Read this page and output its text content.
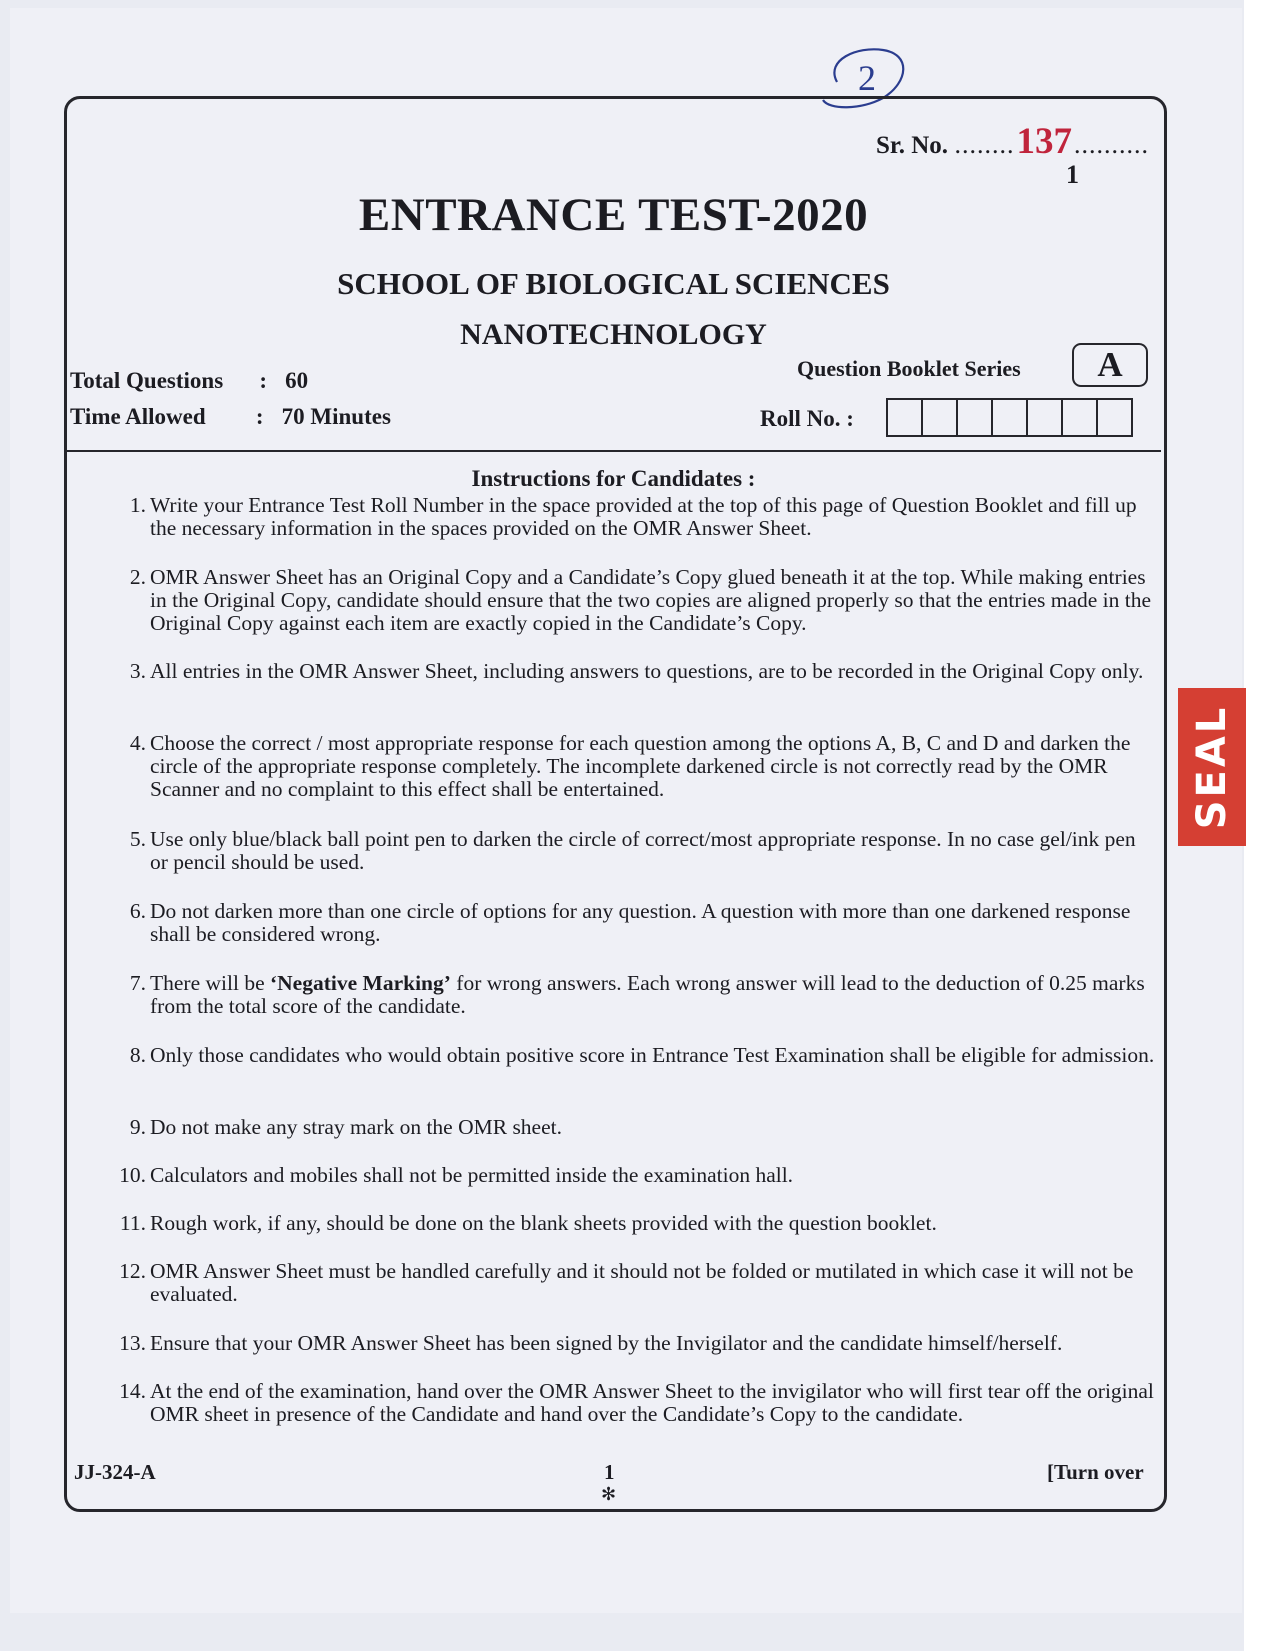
2
Sr. No. ........137..........
1
ENTRANCE TEST-2020
SCHOOL OF BIOLOGICAL SCIENCES
NANOTECHNOLOGY
Total Questions : 60
Time Allowed : 70 Minutes
Question Booklet Series	A
Roll No. :
Instructions for Candidates :
1. Write your Entrance Test Roll Number in the space provided at the top of this page of Question Booklet and fill up the necessary information in the spaces provided on the OMR Answer Sheet.
2. OMR Answer Sheet has an Original Copy and a Candidate’s Copy glued beneath it at the top. While making entries in the Original Copy, candidate should ensure that the two copies are aligned properly so that the entries made in the Original Copy against each item are exactly copied in the Candidate’s Copy.
3. All entries in the OMR Answer Sheet, including answers to questions, are to be recorded in the Original Copy only.
4. Choose the correct / most appropriate response for each question among the options A, B, C and D and darken the circle of the appropriate response completely. The incomplete darkened circle is not correctly read by the OMR Scanner and no complaint to this effect shall be entertained.
5. Use only blue/black ball point pen to darken the circle of correct/most appropriate response. In no case gel/ink pen or pencil should be used.
6. Do not darken more than one circle of options for any question. A question with more than one darkened response shall be considered wrong.
7. There will be ‘Negative Marking’ for wrong answers. Each wrong answer will lead to the deduction of 0.25 marks from the total score of the candidate.
8. Only those candidates who would obtain positive score in Entrance Test Examination shall be eligible for admission.
9. Do not make any stray mark on the OMR sheet.
10. Calculators and mobiles shall not be permitted inside the examination hall.
11. Rough work, if any, should be done on the blank sheets provided with the question booklet.
12. OMR Answer Sheet must be handled carefully and it should not be folded or mutilated in which case it will not be evaluated.
13. Ensure that your OMR Answer Sheet has been signed by the Invigilator and the candidate himself/herself.
14. At the end of the examination, hand over the OMR Answer Sheet to the invigilator who will first tear off the original OMR sheet in presence of the Candidate and hand over the Candidate’s Copy to the candidate.
JJ-324-A	1
✻
[Turn over
SEAL
